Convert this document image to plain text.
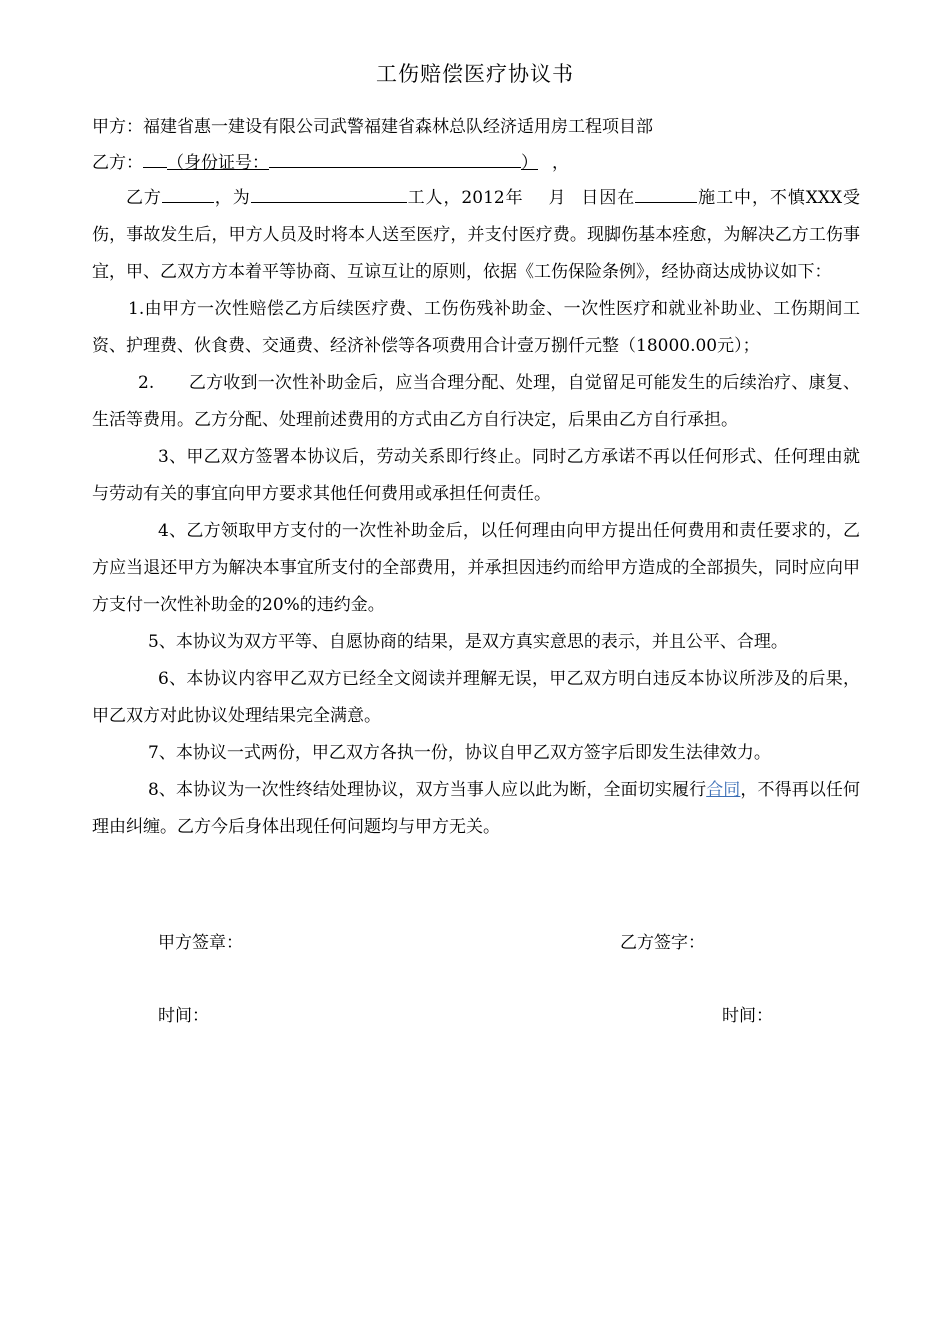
工伤赔偿医疗协议书
甲方：福建省惠一建设有限公司武警福建省森林总队经济适用房工程项目部
乙方： （身份证号：	） ，

乙方	，为	工人，2012年 月 日因在	施工中，不慎XXX受伤，事故发生后，甲方人员及时将本人送至医疗，并支付医疗费。现脚伤基本痊愈，为解决乙方工伤事宜，甲、乙双方方本着平等协商、互谅互让的原则，依据《工伤保险条例》，经协商达成协议如下：

1.由甲方一次性赔偿乙方后续医疗费、工伤伤残补助金、一次性医疗和就业补助业、工伤期间工资、护理费、伙食费、交通费、经济补偿等各项费用合计壹万捌仟元整（18000.00元）；

2.　　乙方收到一次性补助金后，应当合理分配、处理，自觉留足可能发生的后续治疗、康复、生活等费用。乙方分配、处理前述费用的方式由乙方自行决定，后果由乙方自行承担。

3、甲乙双方签署本协议后，劳动关系即行终止。同时乙方承诺不再以任何形式、任何理由就与劳动有关的事宜向甲方要求其他任何费用或承担任何责任。

4、乙方领取甲方支付的一次性补助金后，以任何理由向甲方提出任何费用和责任要求的，乙方应当退还甲方为解决本事宜所支付的全部费用，并承担因违约而给甲方造成的全部损失，同时应向甲方支付一次性补助金的20%的违约金。

5、本协议为双方平等、自愿协商的结果，是双方真实意思的表示，并且公平、合理。

6、本协议内容甲乙双方已经全文阅读并理解无误，甲乙双方明白违反本协议所涉及的后果，甲乙双方对此协议处理结果完全满意。

7、本协议一式两份，甲乙双方各执一份，协议自甲乙双方签字后即发生法律效力。

8、本协议为一次性终结处理协议，双方当事人应以此为断，全面切实履行合同，不得再以任何理由纠缠。乙方今后身体出现任何问题均与甲方无关。

甲方签章：	乙方签字：
时间：	时间：
